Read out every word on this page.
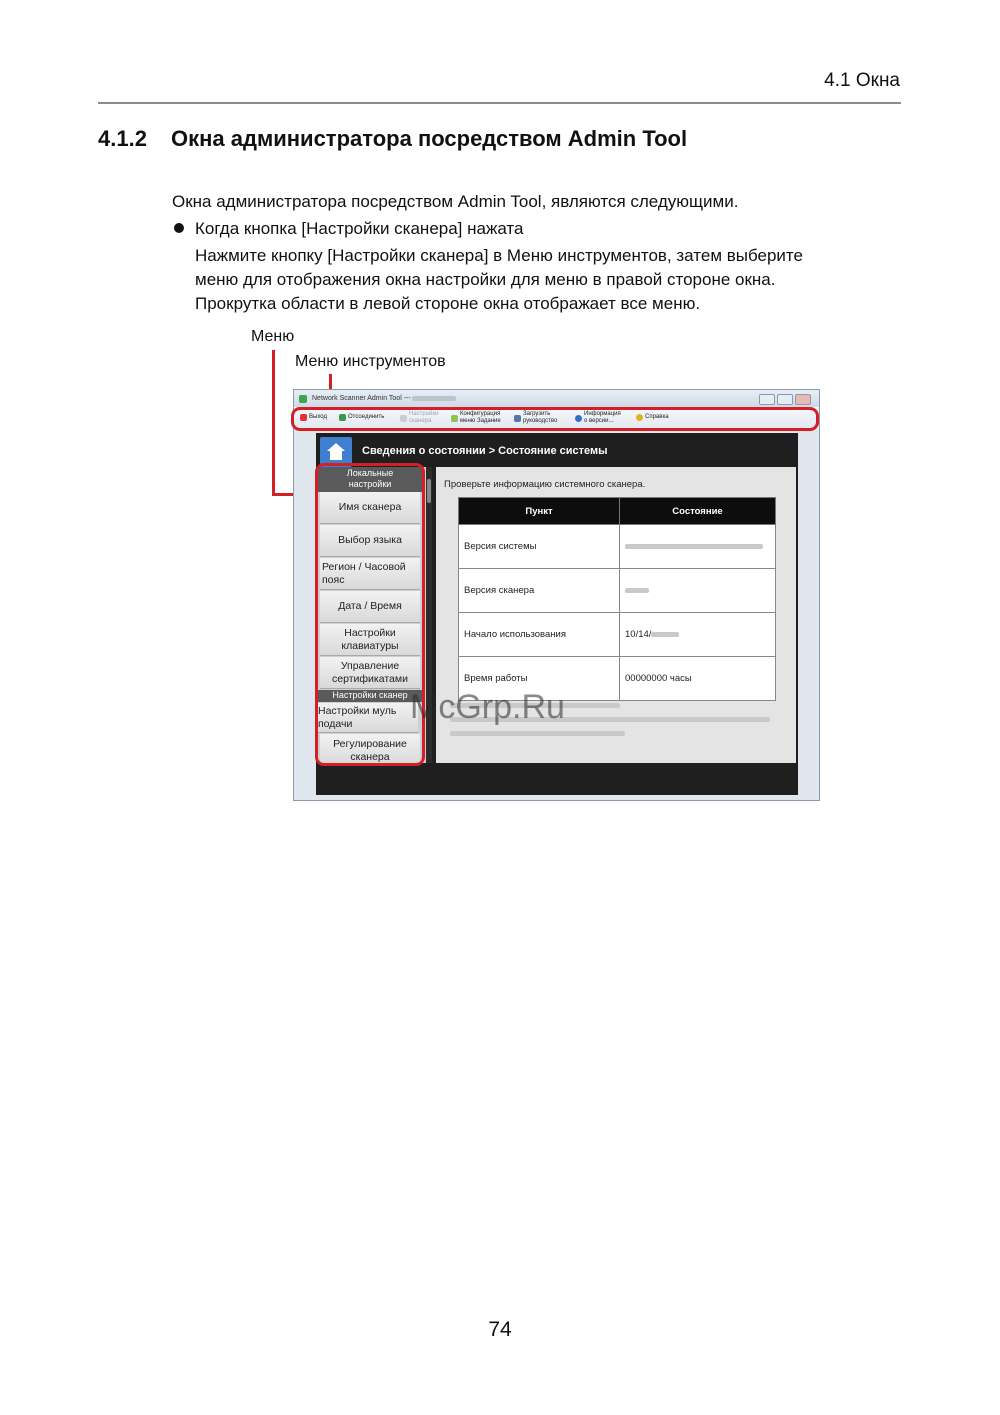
4.1 Окна
4.1.2 Окна администратора посредством Admin Tool
Окна администратора посредством Admin Tool, являются следующими.
Когда кнопка [Настройки сканера] нажата
Нажмите кнопку [Настройки сканера] в Меню инструментов, затем выберите
меню для отображения окна настройки для меню в правой стороне окна.
Прокрутка области в левой стороне окна отображает все меню.
Меню
Меню инструментов
Network Scanner Admin Tool ---
Выход	Отсоединить	Настройки
сканера
Конфигурация
меню Задание
Загрузить
руководство
Информация
о версии...
Справка
Сведения о состоянии > Состояние системы
Локальные
настройки
Имя сканера
Выбор языка
Регион / Часовой
пояс
Дата / Время
Настройки
клавиатуры
Управление
сертификатами
Настройки сканер
Настройки муль
подачи
Регулирование
сканера
Проверьте информацию системного сканера.
Пункт	Состояние
Версия системы	
Версия сканера	
Начало использования	10/14/
Время работы	00000000 часы
McGrp.Ru
74
